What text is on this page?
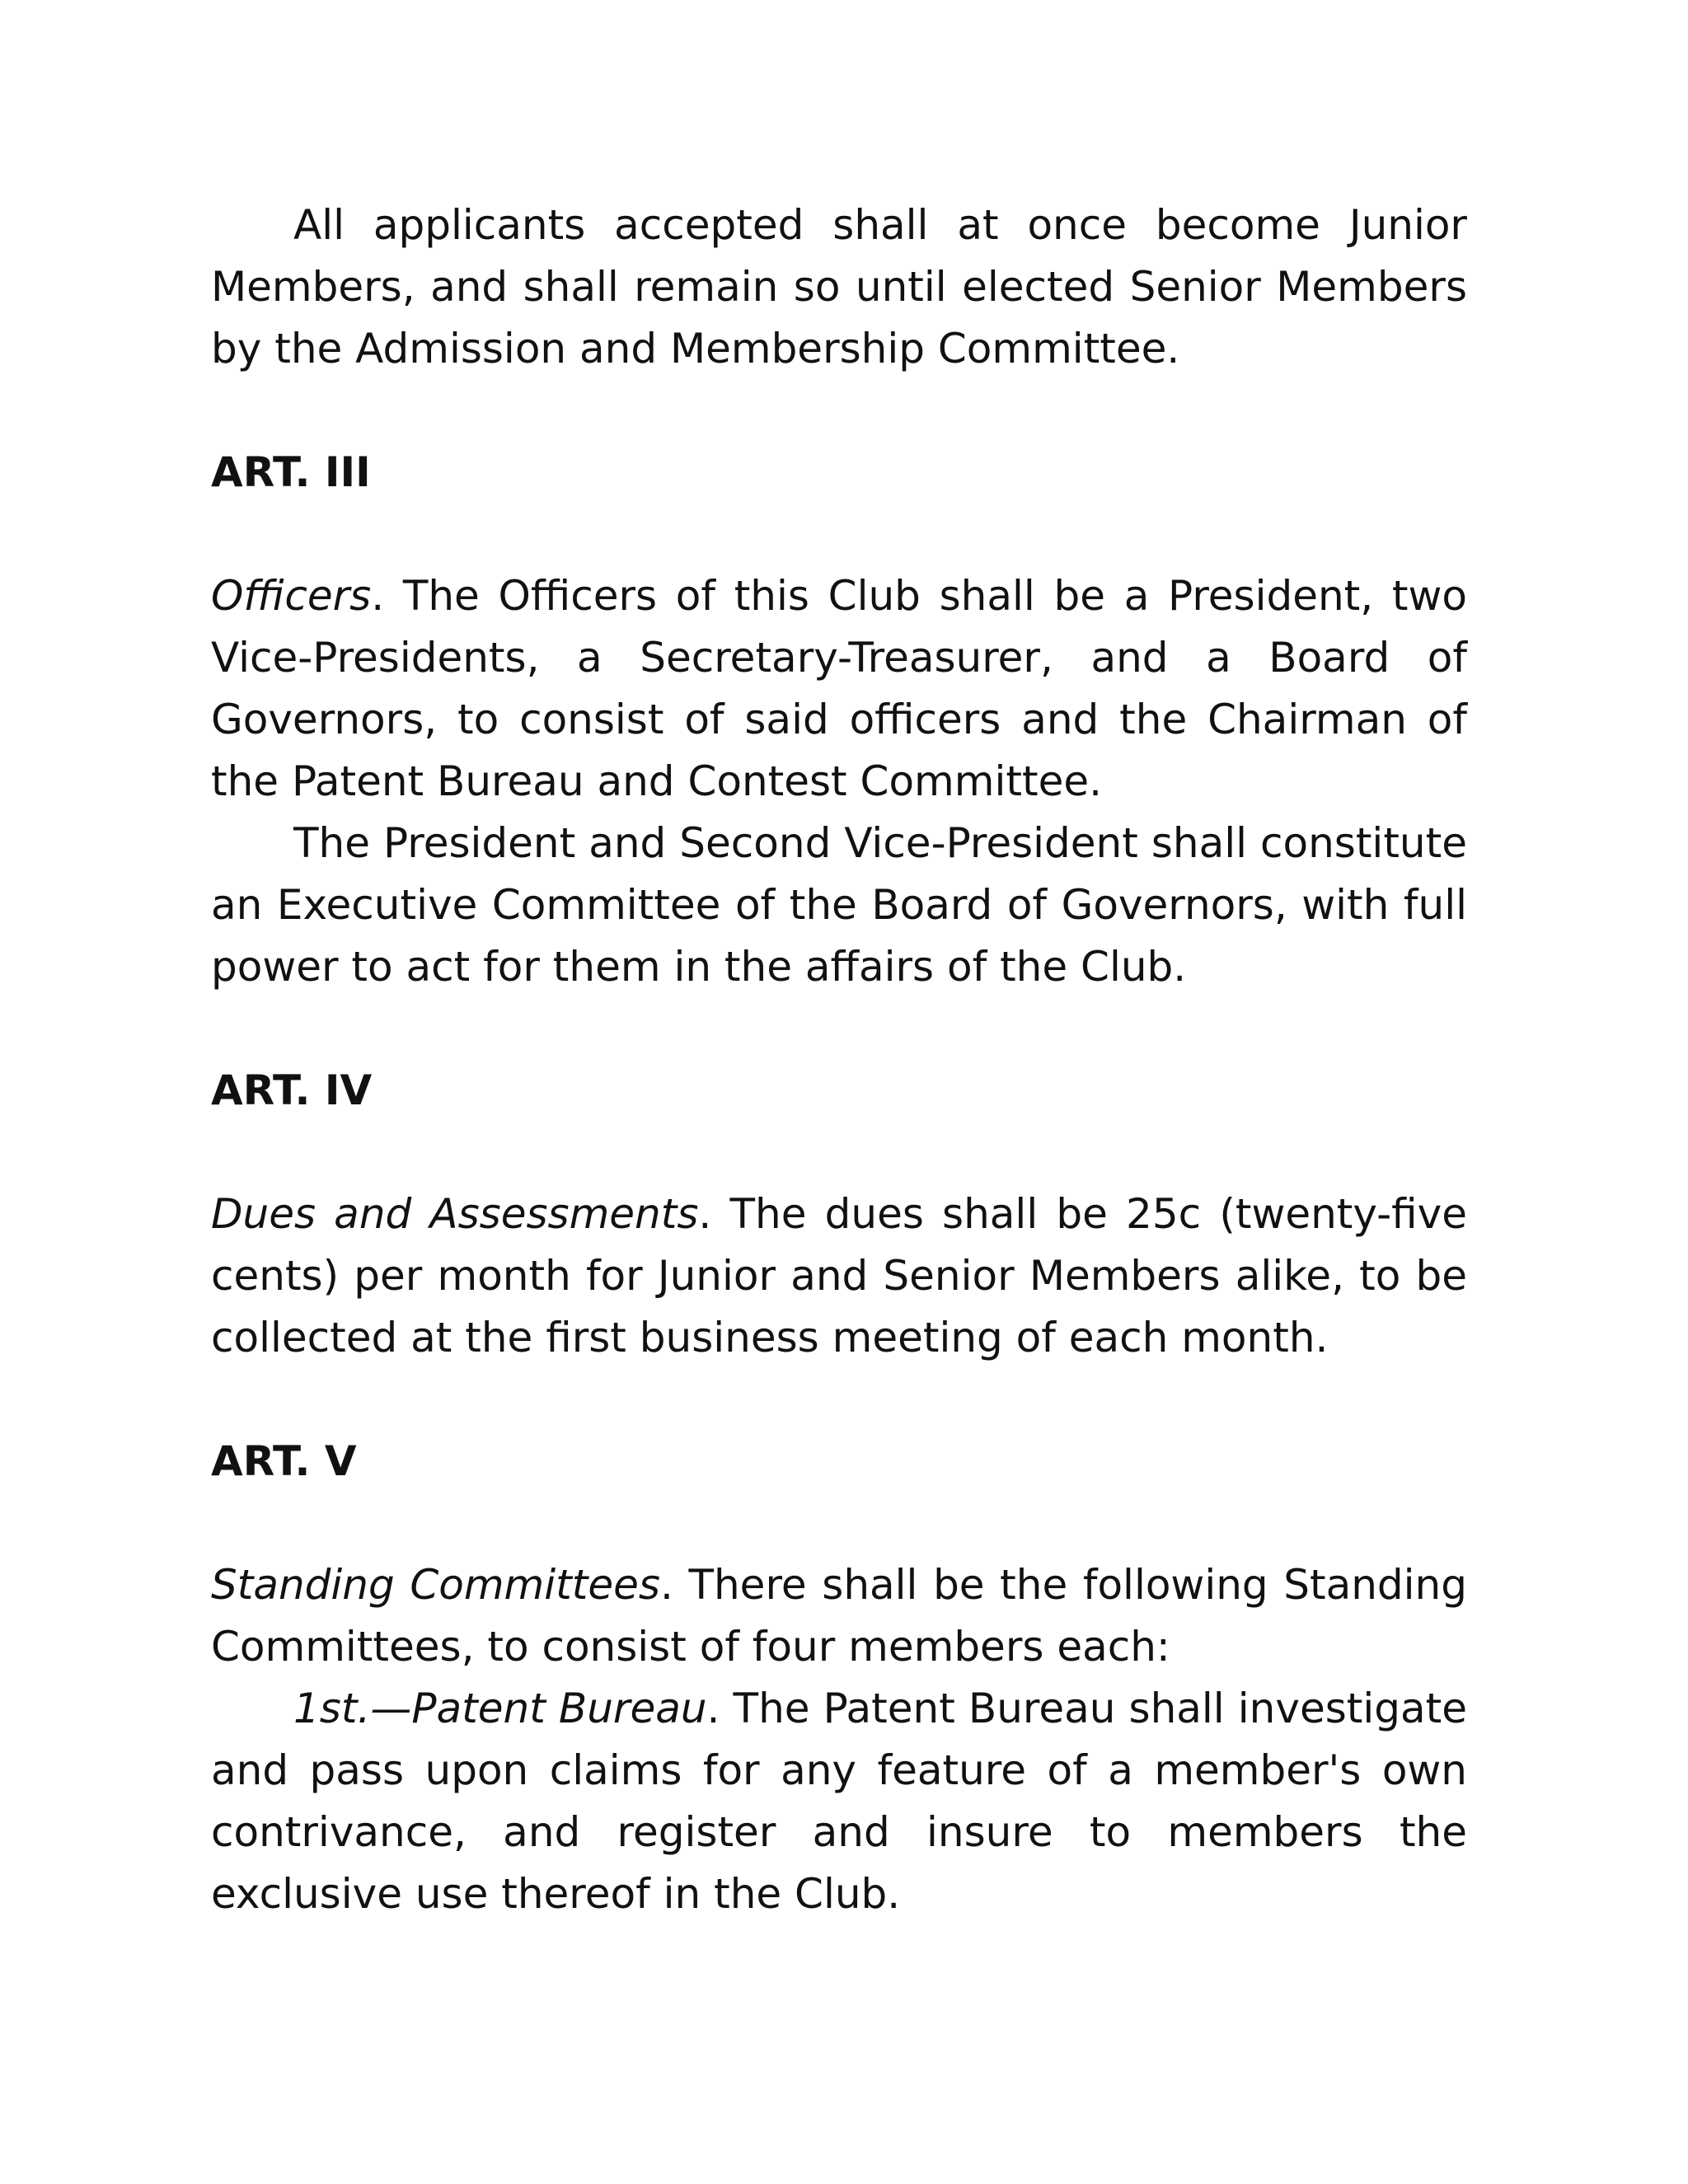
All applicants accepted shall at once become Junior Members, and shall remain so until elected Senior Members by the Admission and Membership Committee.

ART. III

Officers. The Officers of this Club shall be a President, two Vice-Presidents, a Secretary-Treasurer, and a Board of Governors, to consist of said officers and the Chairman of the Patent Bureau and Contest Committee.

The President and Second Vice-President shall constitute an Executive Committee of the Board of Governors, with full power to act for them in the affairs of the Club.

ART. IV

Dues and Assessments. The dues shall be 25c (twenty-five cents) per month for Junior and Senior Members alike, to be collected at the first business meeting of each month.

ART. V

Standing Committees. There shall be the following Standing Committees, to consist of four members each:

1st.—Patent Bureau. The Patent Bureau shall investigate and pass upon claims for any feature of a member's own contrivance, and register and insure to members the exclusive use thereof in the Club.
